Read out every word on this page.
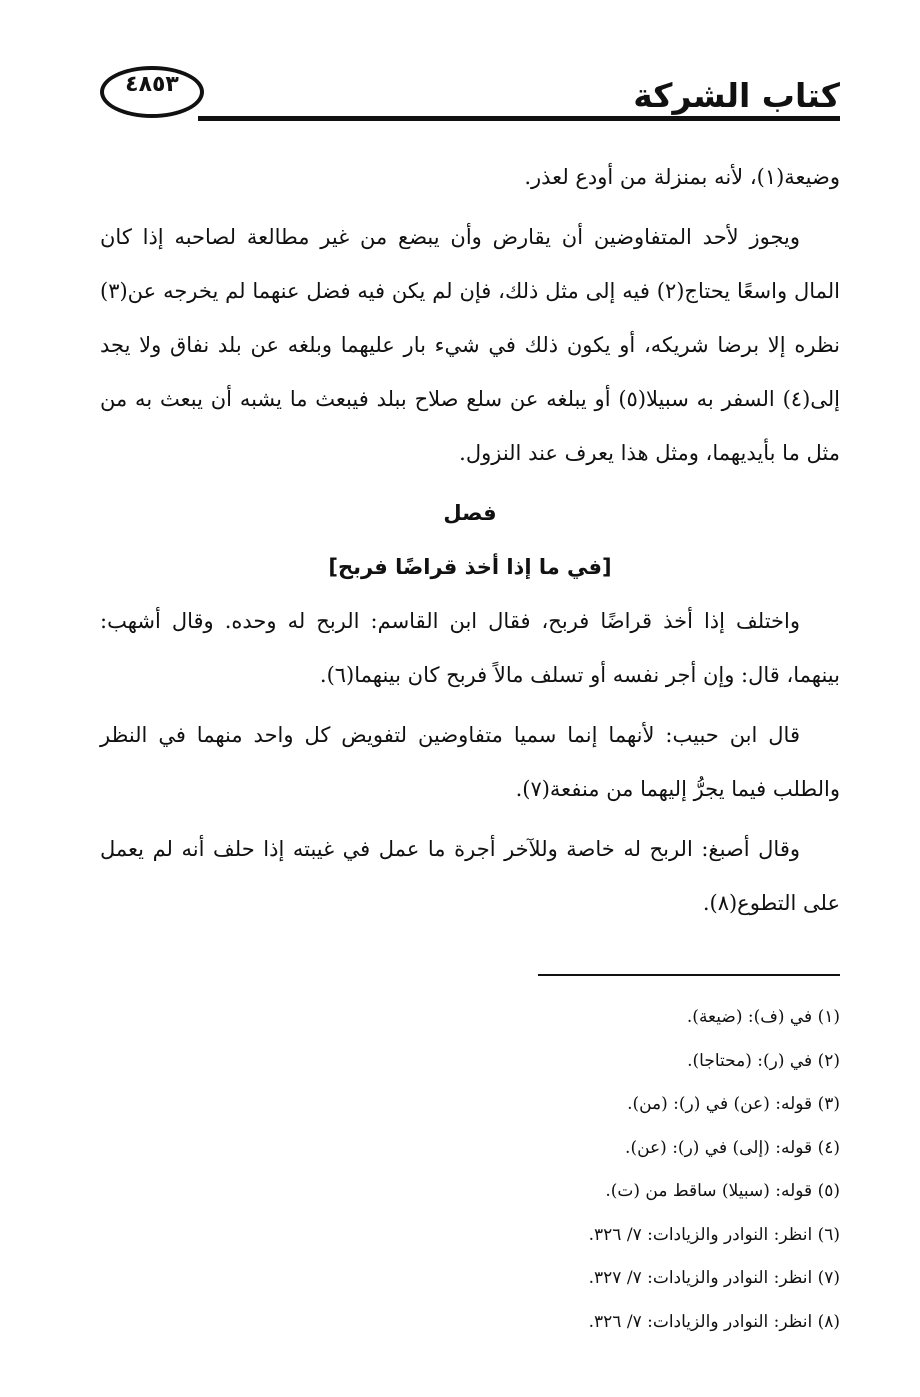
كتاب الشركة
٤٨٥٣

وضيعة(١)، لأنه بمنزلة من أودع لعذر.

ويجوز لأحد المتفاوضين أن يقارض وأن يبضع من غير مطالعة لصاحبه إذا كان المال واسعًا يحتاج(٢) فيه إلى مثل ذلك، فإن لم يكن فيه فضل عنهما لم يخرجه عن(٣) نظره إلا برضا شريكه، أو يكون ذلك في شيء بار عليهما وبلغه عن بلد نفاق ولا يجد إلى(٤) السفر به سبيلا(٥) أو يبلغه عن سلع صلاح ببلد فيبعث ما يشبه أن يبعث به من مثل ما بأيديهما، ومثل هذا يعرف عند النزول.

فصل

[في ما إذا أخذ قراضًا فربح]

واختلف إذا أخذ قراضًا فربح، فقال ابن القاسم: الربح له وحده. وقال أشهب: بينهما، قال: وإن أجر نفسه أو تسلف مالاً فربح كان بينهما(٦).

قال ابن حبيب: لأنهما إنما سميا متفاوضين لتفويض كل واحد منهما في النظر والطلب فيما يجرُّ إليهما من منفعة(٧).

وقال أصبغ: الربح له خاصة وللآخر أجرة ما عمل في غيبته إذا حلف أنه لم يعمل على التطوع(٨).

(١) في (ف): (ضيعة).
(٢) في (ر): (محتاجا).
(٣) قوله: (عن) في (ر): (من).
(٤) قوله: (إلى) في (ر): (عن).
(٥) قوله: (سبيلا) ساقط من (ت).
(٦) انظر: النوادر والزيادات: ٧/ ٣٢٦.
(٧) انظر: النوادر والزيادات: ٧/ ٣٢٧.
(٨) انظر: النوادر والزيادات: ٧/ ٣٢٦.
